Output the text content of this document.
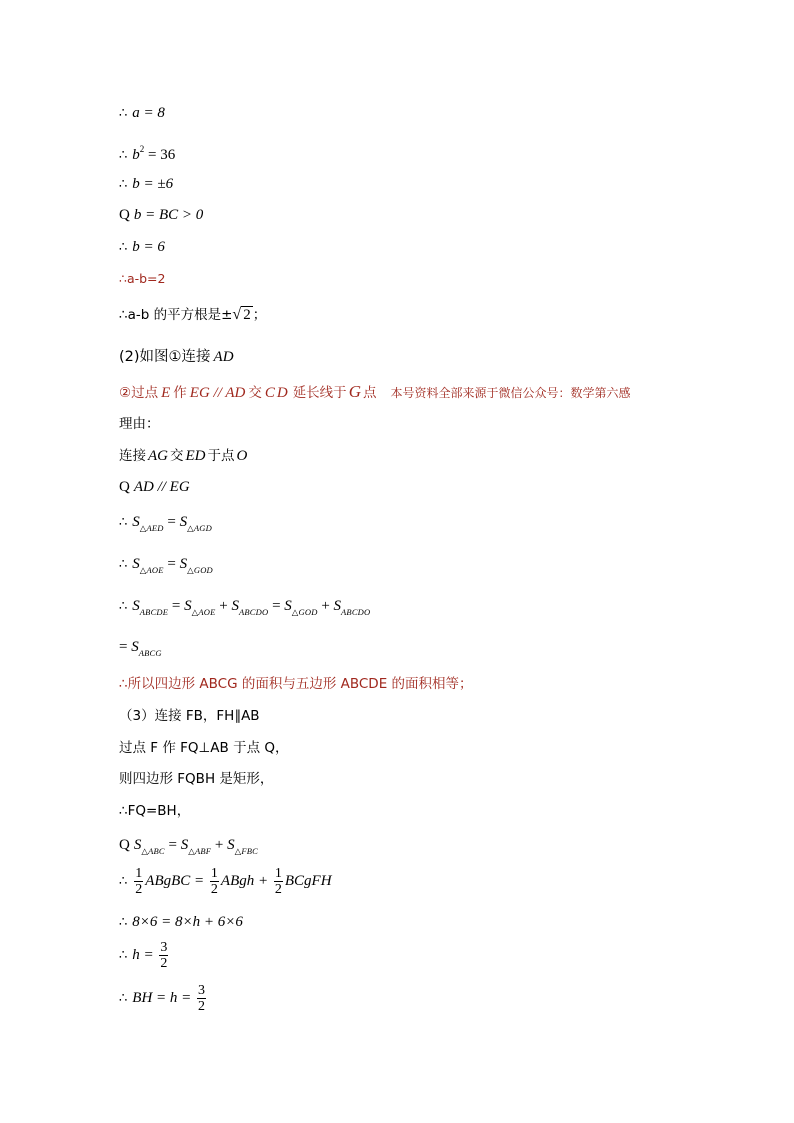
∴ a = 8
∴ $b^2 = 36$
∴ b = ±6
Q b = BC > 0
∴ b = 6
∴a-b=2
∴a-b 的平方根是±√ 2 ；
(2)如图①连接 AD
②过点 E 作 EG // AD 交 CD 延长线于 G 点 本号资料全部来源于微信公众号：数学第六感
理由：
连接 AG 交 ED 于点 O
Q AD // EG
∴ $S_{\triangle AED} = S_{\triangle AGD}$
∴ $S_{\triangle AOE} = S_{\triangle GOD}$
∴ $S_{ABCDE} = S_{\triangle AOE} + S_{ABCDO} = S_{\triangle GOD} + S_{ABCDO}$
= $S_{ABCG}$
∴所以四边形 ABCG 的面积与五边形 ABCDE 的面积相等；
（3）连接 FB，FH∥AB
过点 F 作 FQ⊥AB 于点 Q，
则四边形 FQBH 是矩形，
∴FQ=BH，
Q $S_{\triangle ABC} = S_{\triangle ABF} + S_{\triangle FBC}$
∴ $\frac{1}{2}$ ABgBC = $\frac{1}{2}$ ABgh + $\frac{1}{2}$ BCgFH
∴ 8×6 = 8×h + 6×6
∴ $h = \frac{3}{2}$
∴ BH = $h = \frac{3}{2}$
